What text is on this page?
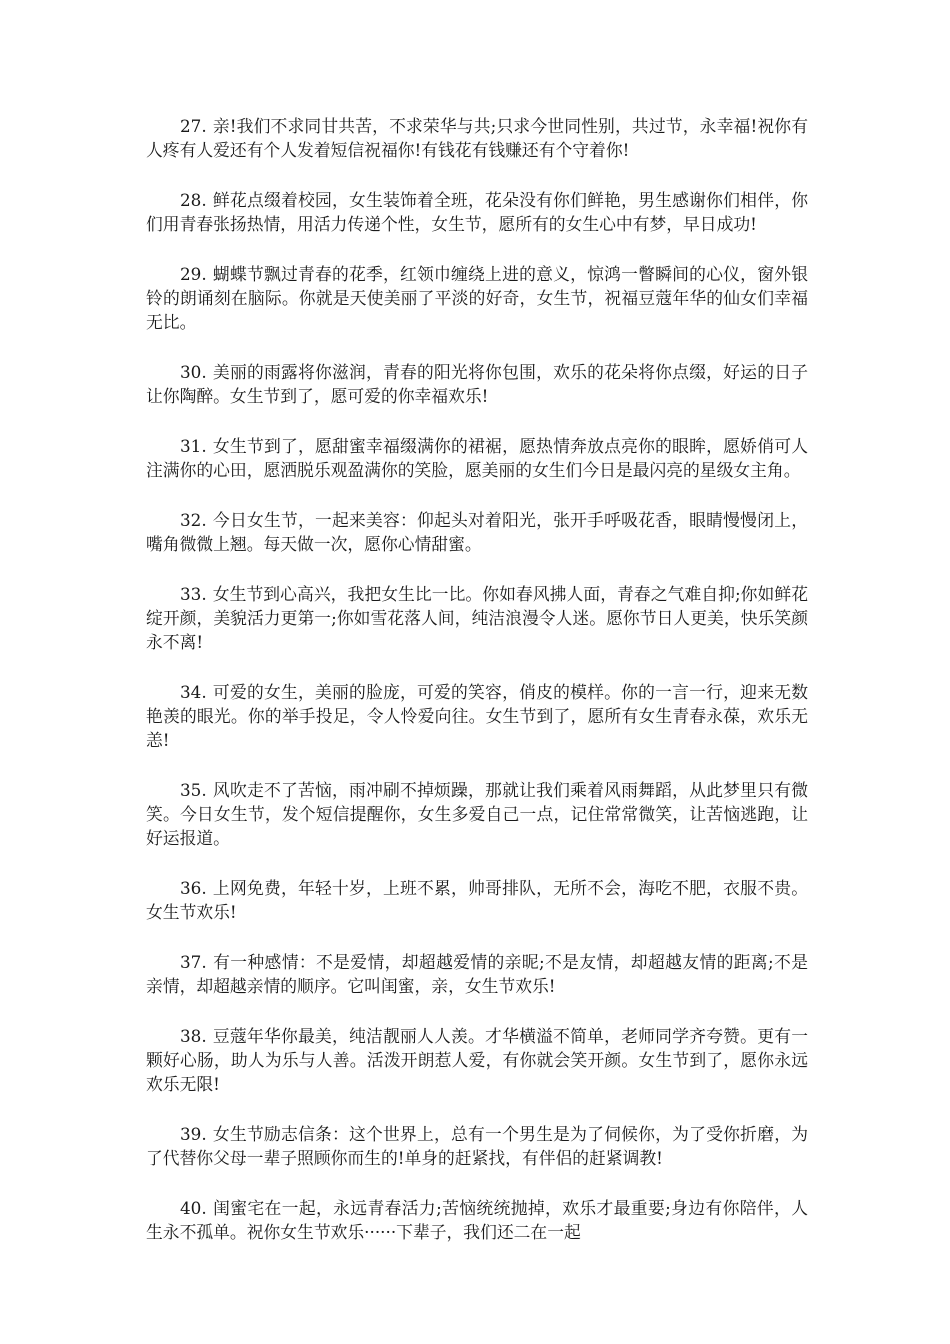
27. 亲!我们不求同甘共苦，不求荣华与共;只求今世同性别，共过节，永幸福!祝你有人疼有人爱还有个人发着短信祝福你!有钱花有钱赚还有个守着你!

28. 鲜花点缀着校园，女生装饰着全班，花朵没有你们鲜艳，男生感谢你们相伴，你们用青春张扬热情，用活力传递个性，女生节，愿所有的女生心中有梦，早日成功!

29. 蝴蝶节飘过青春的花季，红领巾缠绕上进的意义，惊鸿一瞥瞬间的心仪，窗外银铃的朗诵刻在脑际。你就是天使美丽了平淡的好奇，女生节，祝福豆蔻年华的仙女们幸福无比。

30. 美丽的雨露将你滋润，青春的阳光将你包围，欢乐的花朵将你点缀，好运的日子让你陶醉。女生节到了，愿可爱的你幸福欢乐!

31. 女生节到了，愿甜蜜幸福缀满你的裙裾，愿热情奔放点亮你的眼眸，愿娇俏可人注满你的心田，愿洒脱乐观盈满你的笑脸，愿美丽的女生们今日是最闪亮的星级女主角。

32. 今日女生节，一起来美容：仰起头对着阳光，张开手呼吸花香，眼睛慢慢闭上，嘴角微微上翘。每天做一次，愿你心情甜蜜。

33. 女生节到心高兴，我把女生比一比。你如春风拂人面，青春之气难自抑;你如鲜花绽开颜，美貌活力更第一;你如雪花落人间，纯洁浪漫令人迷。愿你节日人更美，快乐笑颜永不离!

34. 可爱的女生，美丽的脸庞，可爱的笑容，俏皮的模样。你的一言一行，迎来无数艳羡的眼光。你的举手投足，令人怜爱向往。女生节到了，愿所有女生青春永葆，欢乐无恙!

35. 风吹走不了苦恼，雨冲刷不掉烦躁，那就让我们乘着风雨舞蹈，从此梦里只有微笑。今日女生节，发个短信提醒你，女生多爱自己一点，记住常常微笑，让苦恼逃跑，让好运报道。

36. 上网免费，年轻十岁，上班不累，帅哥排队，无所不会，海吃不肥，衣服不贵。女生节欢乐!

37. 有一种感情：不是爱情，却超越爱情的亲昵;不是友情，却超越友情的距离;不是亲情，却超越亲情的顺序。它叫闺蜜，亲，女生节欢乐!

38. 豆蔻年华你最美，纯洁靓丽人人羡。才华横溢不简单，老师同学齐夸赞。更有一颗好心肠，助人为乐与人善。活泼开朗惹人爱，有你就会笑开颜。女生节到了，愿你永远欢乐无限!

39. 女生节励志信条：这个世界上，总有一个男生是为了伺候你，为了受你折磨，为了代替你父母一辈子照顾你而生的!单身的赶紧找，有伴侣的赶紧调教!

40. 闺蜜宅在一起，永远青春活力;苦恼统统抛掉，欢乐才最重要;身边有你陪伴，人生永不孤单。祝你女生节欢乐······下辈子，我们还二在一起
